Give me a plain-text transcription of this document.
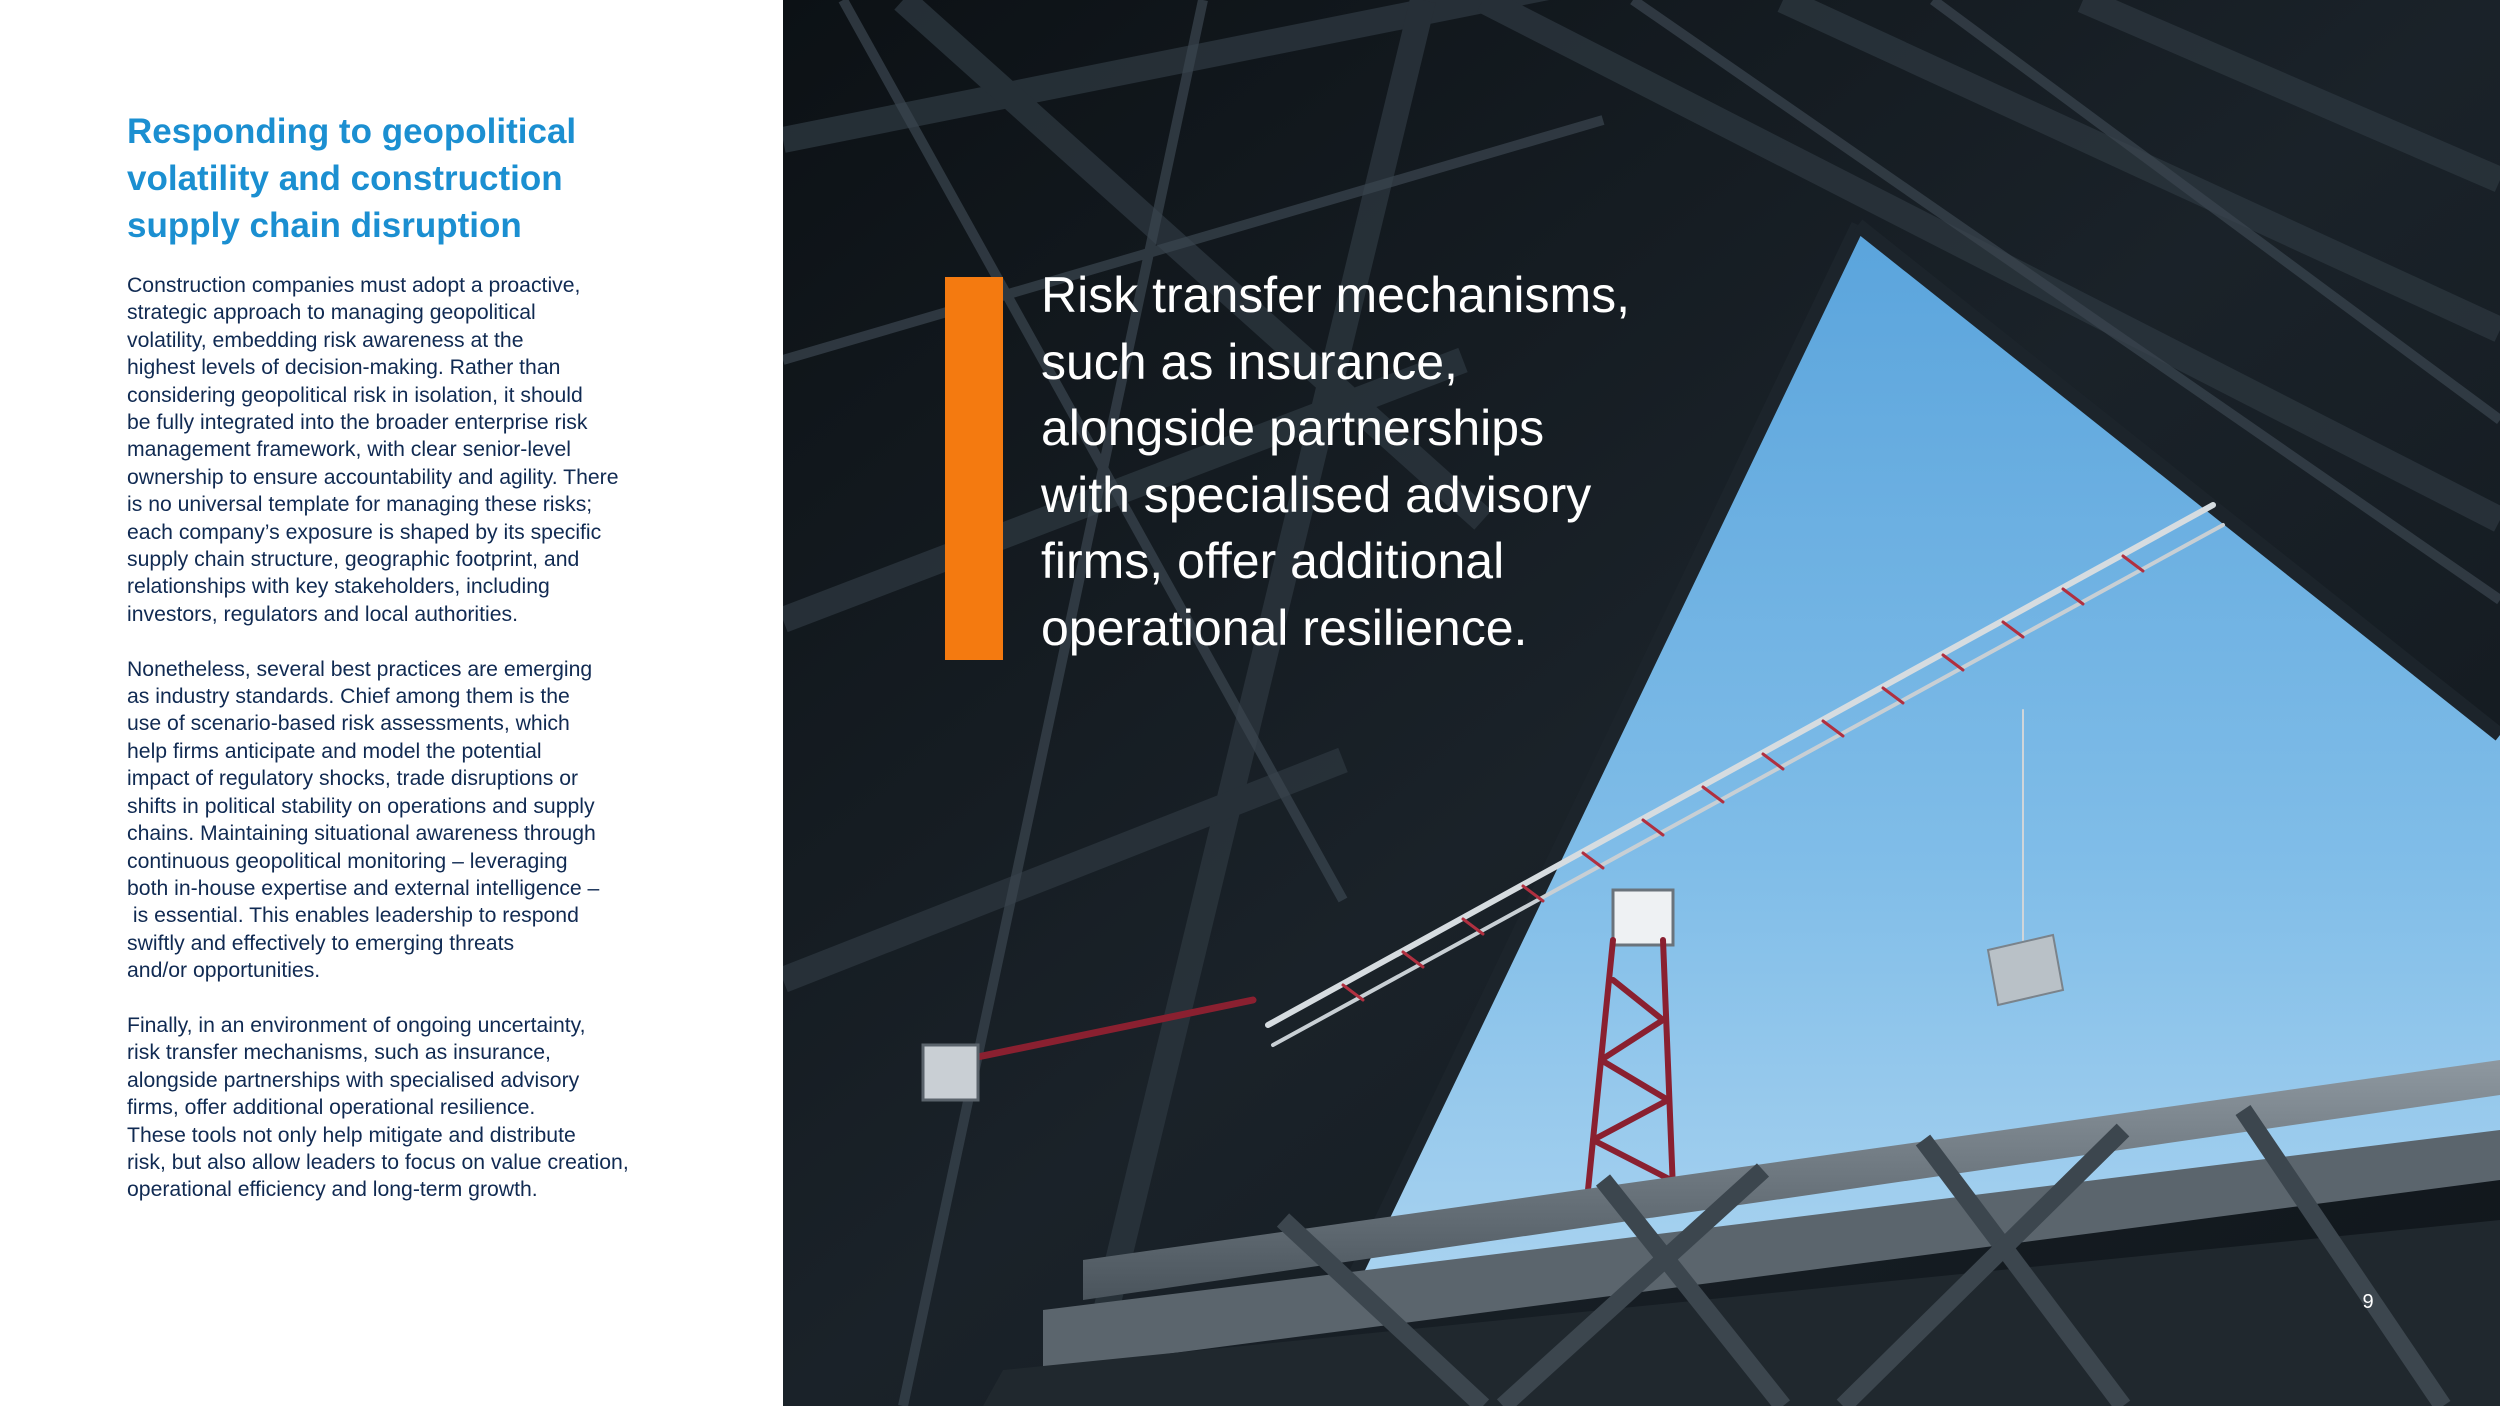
Responding to geopolitical
volatility and construction
supply chain disruption

Construction companies must adopt a proactive,
strategic approach to managing geopolitical
volatility, embedding risk awareness at the
highest levels of decision-making. Rather than
considering geopolitical risk in isolation, it should
be fully integrated into the broader enterprise risk
management framework, with clear senior-level
ownership to ensure accountability and agility. There
is no universal template for managing these risks;
each company’s exposure is shaped by its specific
supply chain structure, geographic footprint, and
relationships with key stakeholders, including
investors, regulators and local authorities.

Nonetheless, several best practices are emerging
as industry standards. Chief among them is the
use of scenario-based risk assessments, which
help firms anticipate and model the potential
impact of regulatory shocks, trade disruptions or
shifts in political stability on operations and supply
chains. Maintaining situational awareness through
continuous geopolitical monitoring – leveraging
both in-house expertise and external intelligence –
is essential. This enables leadership to respond
swiftly and effectively to emerging threats
and/or opportunities.

Finally, in an environment of ongoing uncertainty,
risk transfer mechanisms, such as insurance,
alongside partnerships with specialised advisory
firms, offer additional operational resilience.
These tools not only help mitigate and distribute
risk, but also allow leaders to focus on value creation,
operational efficiency and long-term growth.

Risk transfer mechanisms,
such as insurance,
alongside partnerships
with specialised advisory
firms, offer additional
operational resilience.

9
